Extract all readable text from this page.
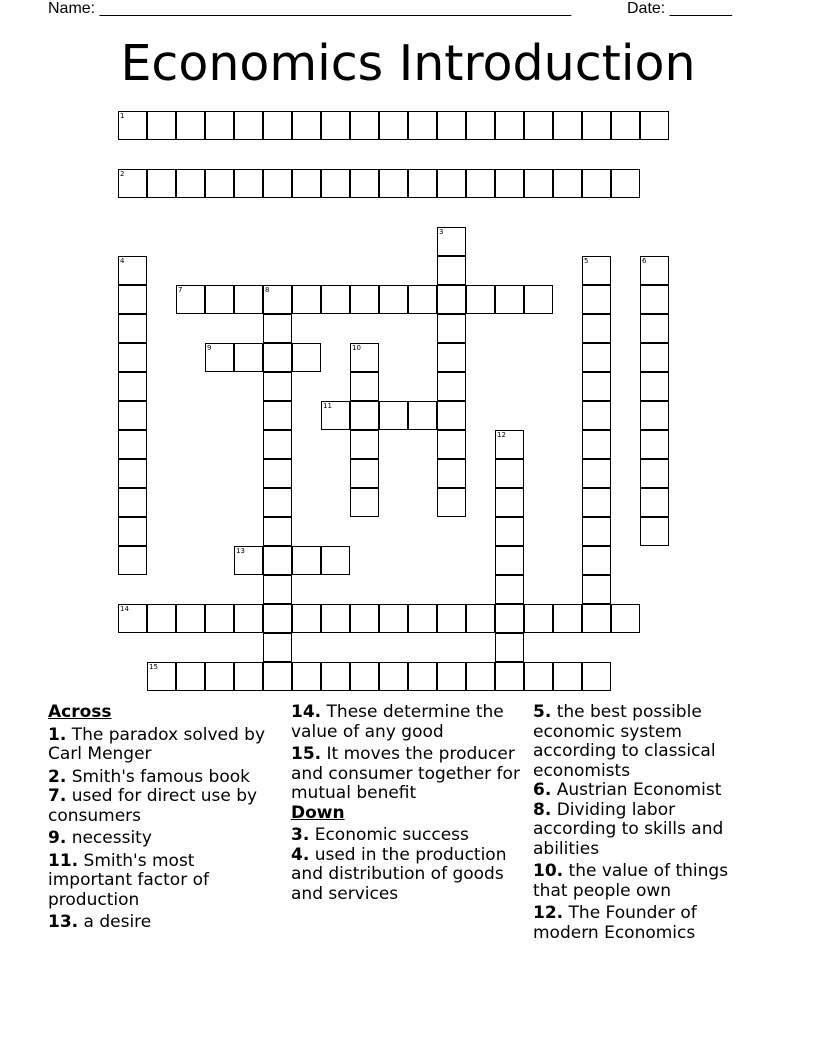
Name: _____________________________________________________	Date: _______
Economics Introduction
1
2
3
4	5	6
7	8
9	10
11
12
13
14
15
Across
1. The paradox solved by Carl Menger
2. Smith's famous book
7. used for direct use by consumers
9. necessity
11. Smith's most important factor of production
13. a desire
14. These determine the value of any good
15. It moves the producer and consumer together for mutual benefit
Down
3. Economic success
4. used in the production and distribution of goods and services
5. the best possible economic system according to classical economists
6. Austrian Economist
8. Dividing labor according to skills and abilities
10. the value of things that people own
12. The Founder of modern Economics
